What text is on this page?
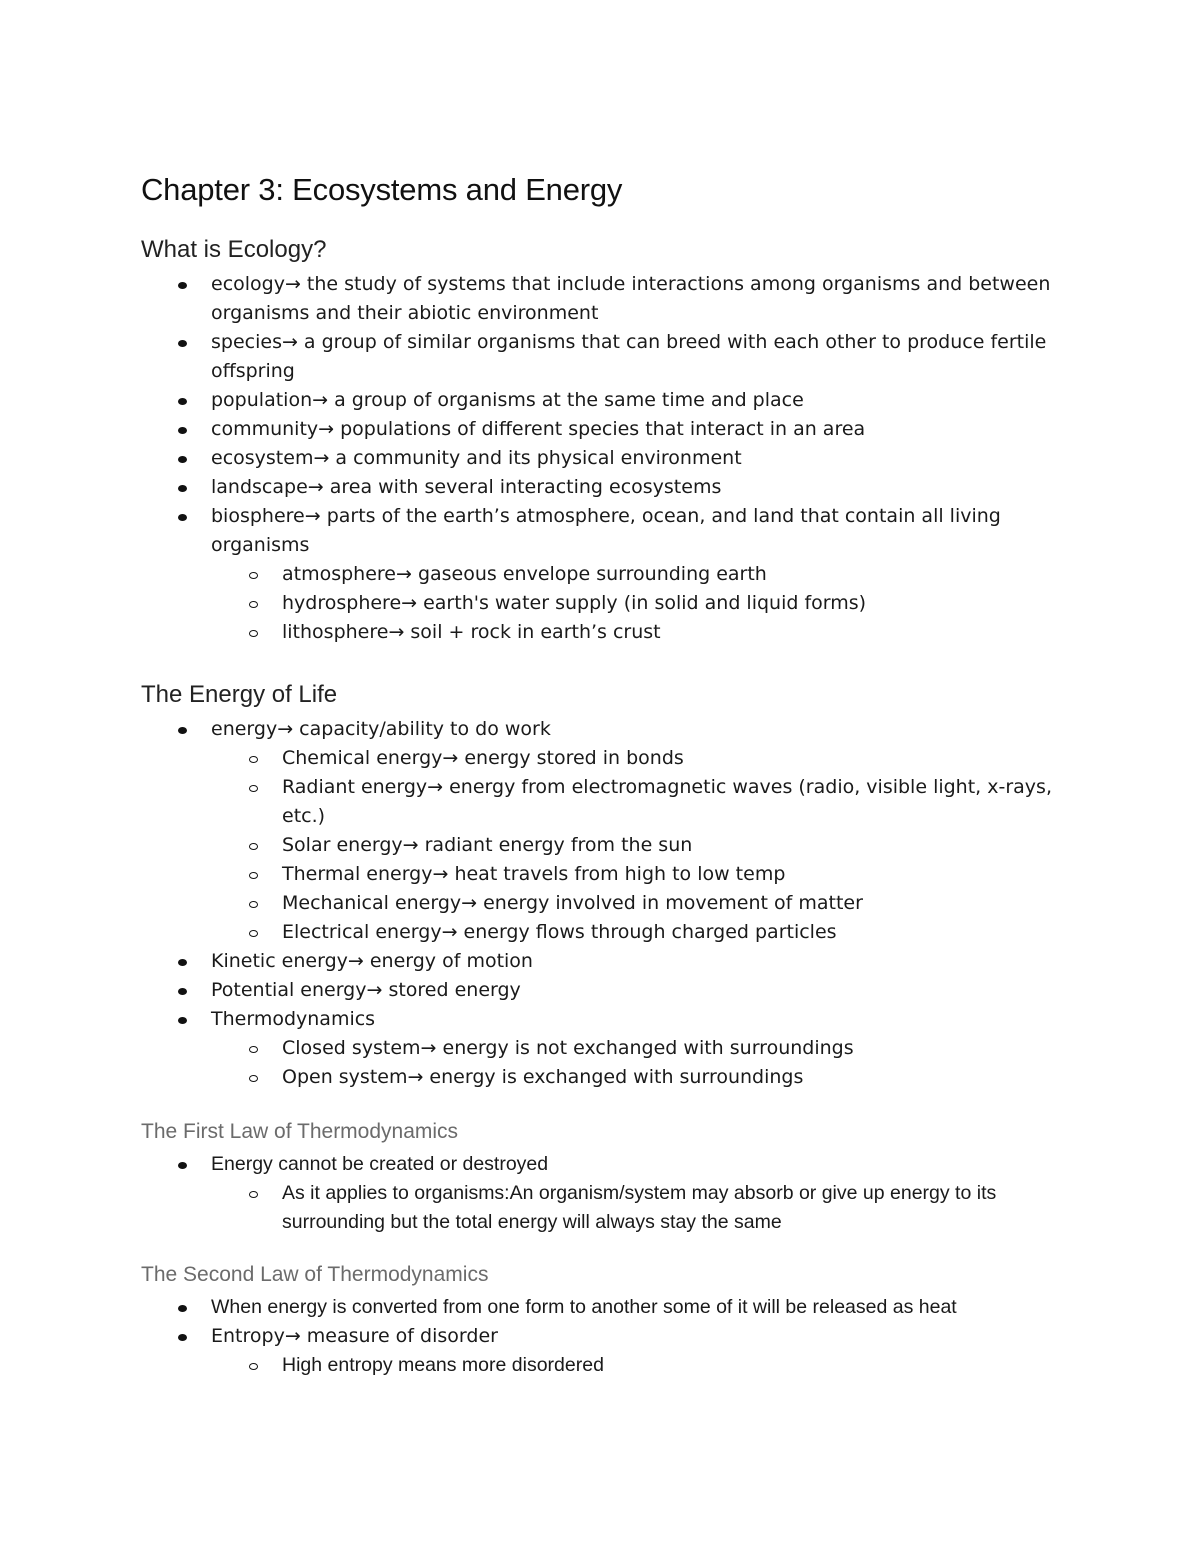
Chapter 3: Ecosystems and Energy
What is Ecology?
ecology→ the study of systems that include interactions among organisms and between organisms and their abiotic environment
species→ a group of similar organisms that can breed with each other to produce fertile offspring
population→ a group of organisms at the same time and place
community→ populations of different species that interact in an area
ecosystem→ a community and its physical environment
landscape→ area with several interacting ecosystems
biosphere→ parts of the earth’s atmosphere, ocean, and land that contain all living organisms
atmosphere→ gaseous envelope surrounding earth
hydrosphere→ earth's water supply (in solid and liquid forms)
lithosphere→ soil + rock in earth’s crust
The Energy of Life
energy→ capacity/ability to do work
Chemical energy→ energy stored in bonds
Radiant energy→ energy from electromagnetic waves (radio, visible light, x-rays, etc.)
Solar energy→ radiant energy from the sun
Thermal energy→ heat travels from high to low temp
Mechanical energy→ energy involved in movement of matter
Electrical energy→ energy flows through charged particles
Kinetic energy→ energy of motion
Potential energy→ stored energy
Thermodynamics
Closed system→ energy is not exchanged with surroundings
Open system→ energy is exchanged with surroundings
The First Law of Thermodynamics
Energy cannot be created or destroyed
As it applies to organisms:An organism/system may absorb or give up energy to its surrounding but the total energy will always stay the same
The Second Law of Thermodynamics
When energy is converted from one form to another some of it will be released as heat
Entropy→ measure of disorder
High entropy means more disordered
